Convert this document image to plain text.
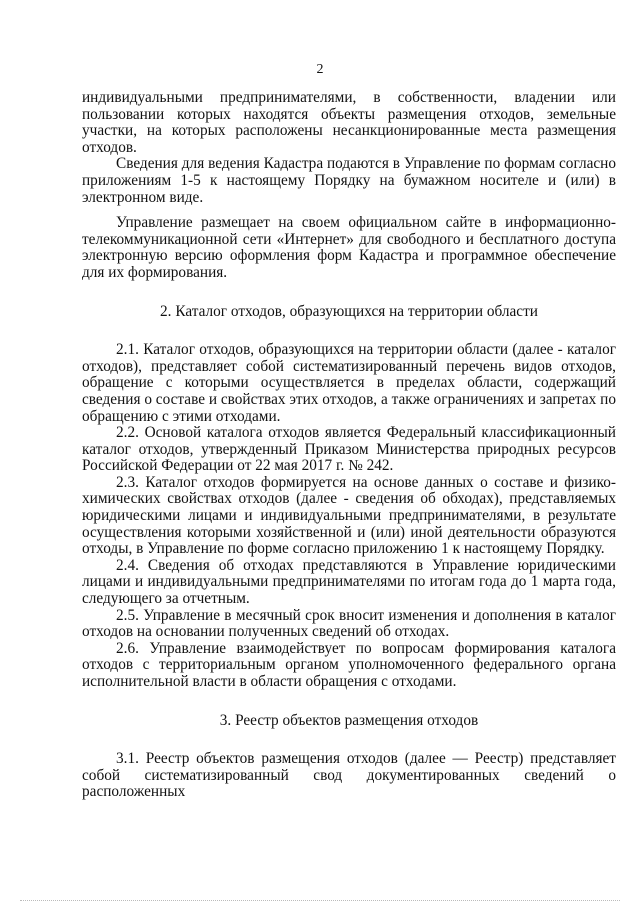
2

индивидуальными предпринимателями, в собственности, владении или пользовании которых находятся объекты размещения отходов, земельные участки, на которых расположены несанкционированные места размещения отходов.

Сведения для ведения Кадастра подаются в Управление по формам согласно приложениям 1-5 к настоящему Порядку на бумажном носителе и (или) в электронном виде.

Управление размещает на своем официальном сайте в информационно-телекоммуникационной сети «Интернет» для свободного и бесплатного доступа электронную версию оформления форм Кадастра и программное обеспечение для их формирования.

2. Каталог отходов, образующихся на территории области

2.1. Каталог отходов, образующихся на территории области (далее - каталог отходов), представляет собой систематизированный перечень видов отходов, обращение с которыми осуществляется в пределах области, содержащий сведения о составе и свойствах этих отходов, а также ограничениях и запретах по обращению с этими отходами.

2.2. Основой каталога отходов является Федеральный классификационный каталог отходов, утвержденный Приказом Министерства природных ресурсов Российской Федерации от 22 мая 2017 г. № 242.

2.3. Каталог отходов формируется на основе данных о составе и физико-химических свойствах отходов (далее - сведения об обходах), представляемых юридическими лицами и индивидуальными предпринимателями, в результате осуществления которыми хозяйственной и (или) иной деятельности образуются отходы, в Управление по форме согласно приложению 1 к настоящему Порядку.

2.4. Сведения об отходах представляются в Управление юридическими лицами и индивидуальными предпринимателями по итогам года до 1 марта года, следующего за отчетным.

2.5. Управление в месячный срок вносит изменения и дополнения в каталог отходов на основании полученных сведений об отходах.

2.6. Управление взаимодействует по вопросам формирования каталога отходов с территориальным органом уполномоченного федерального органа исполнительной власти в области обращения с отходами.

3. Реестр объектов размещения отходов

3.1. Реестр объектов размещения отходов (далее — Реестр) представляет собой систематизированный свод документированных сведений о расположенных
